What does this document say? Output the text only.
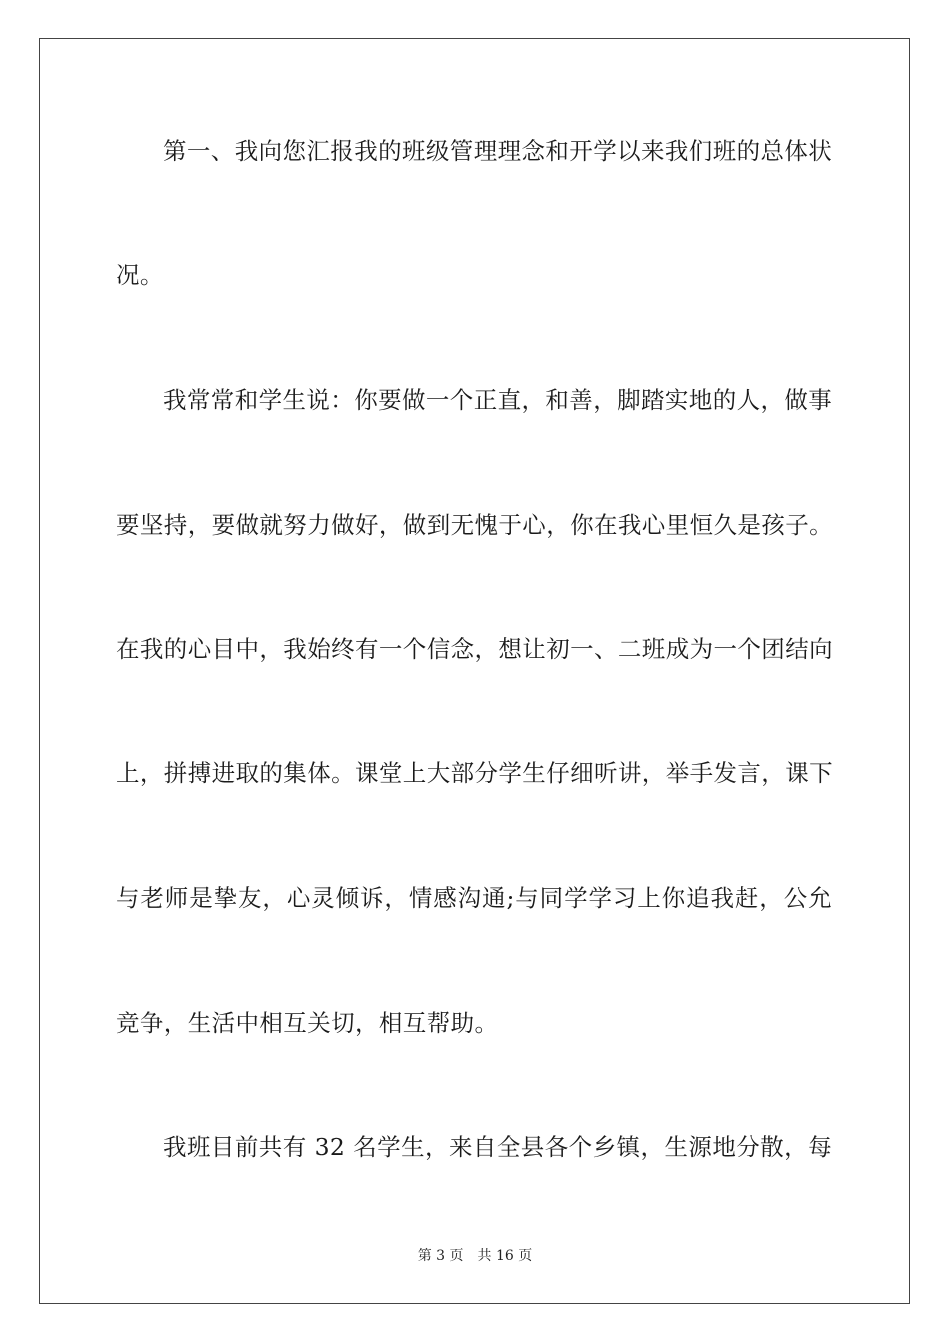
第一、我向您汇报我的班级管理理念和开学以来我们班的总体状
况。
我常常和学生说：你要做一个正直，和善，脚踏实地的人，做事
要坚持，要做就努力做好，做到无愧于心，你在我心里恒久是孩子。
在我的心目中，我始终有一个信念，想让初一、二班成为一个团结向
上，拼搏进取的集体。课堂上大部分学生仔细听讲，举手发言，课下
与老师是挚友，心灵倾诉，情感沟通;与同学学习上你追我赶，公允
竞争，生活中相互关切，相互帮助。
我班目前共有 32 名学生，来自全县各个乡镇，生源地分散，每
第 3 页 共 16 页
